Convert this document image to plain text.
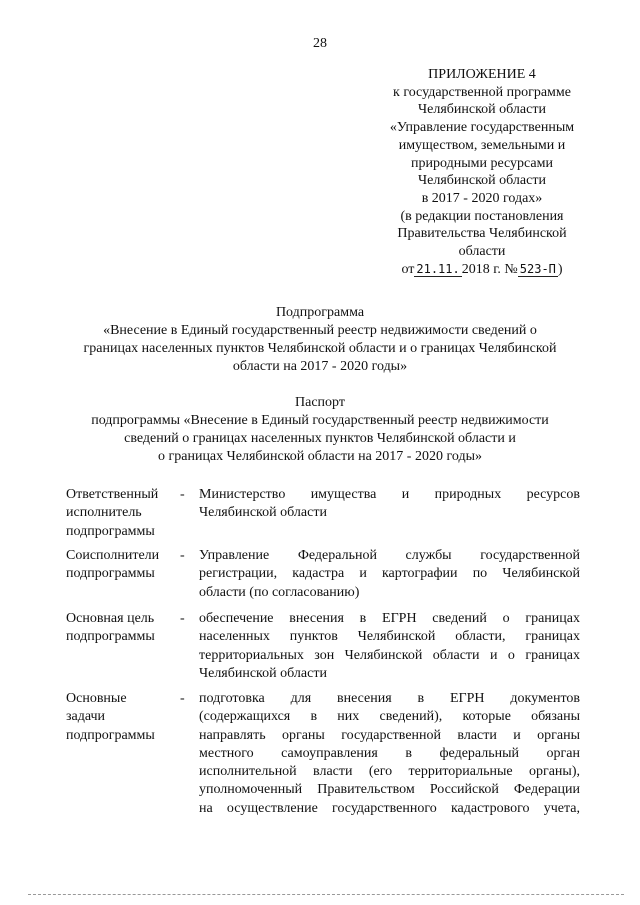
28
ПРИЛОЖЕНИЕ 4
к государственной программе
Челябинской области
«Управление государственным
имуществом, земельными и
природными ресурсами
Челябинской области
в 2017 - 2020 годах»
(в редакции постановления
Правительства Челябинской
области
от 21.11. 2018 г. № 523-П )
Подпрограмма
«Внесение в Единый государственный реестр недвижимости сведений о
границах населенных пунктов Челябинской области и о границах Челябинской
области на 2017 - 2020 годы»
Паспорт
подпрограммы «Внесение в Единый государственный реестр недвижимости
сведений о границах населенных пунктов Челябинской области и
о границах Челябинской области на 2017 - 2020 годы»
Ответственный
исполнитель
подпрограммы
- Министерство имущества и природных ресурсов
Челябинской области
Соисполнители
подпрограммы
- Управление Федеральной службы государственной
регистрации, кадастра и картографии по Челябинской
области (по согласованию)
Основная цель
подпрограммы
- обеспечение внесения в ЕГРН сведений о границах
населенных пунктов Челябинской области, границах
территориальных зон Челябинской области и о границах
Челябинской области
Основные
задачи
подпрограммы
- подготовка для внесения в ЕГРН документов
(содержащихся в них сведений), которые обязаны
направлять органы государственной власти и органы
местного самоуправления в федеральный орган
исполнительной власти (его территориальные органы),
уполномоченный Правительством Российской Федерации
на осуществление государственного кадастрового учета,
